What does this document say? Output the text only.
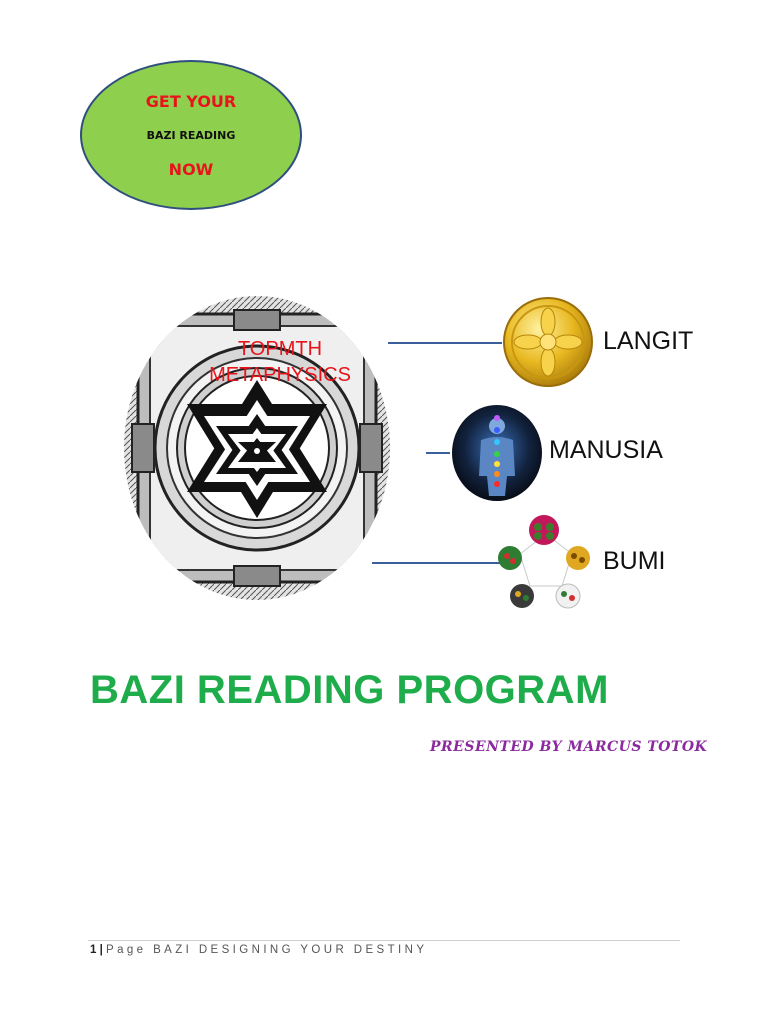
GET YOUR
BAZI READING
NOW
TOPMTH METAPHYSICS
LANGIT
MANUSIA
BUMI
BAZI READING PROGRAM
PRESENTED BY MARCUS TOTOK
1 | Page BAZI DESIGNING YOUR DESTINY
